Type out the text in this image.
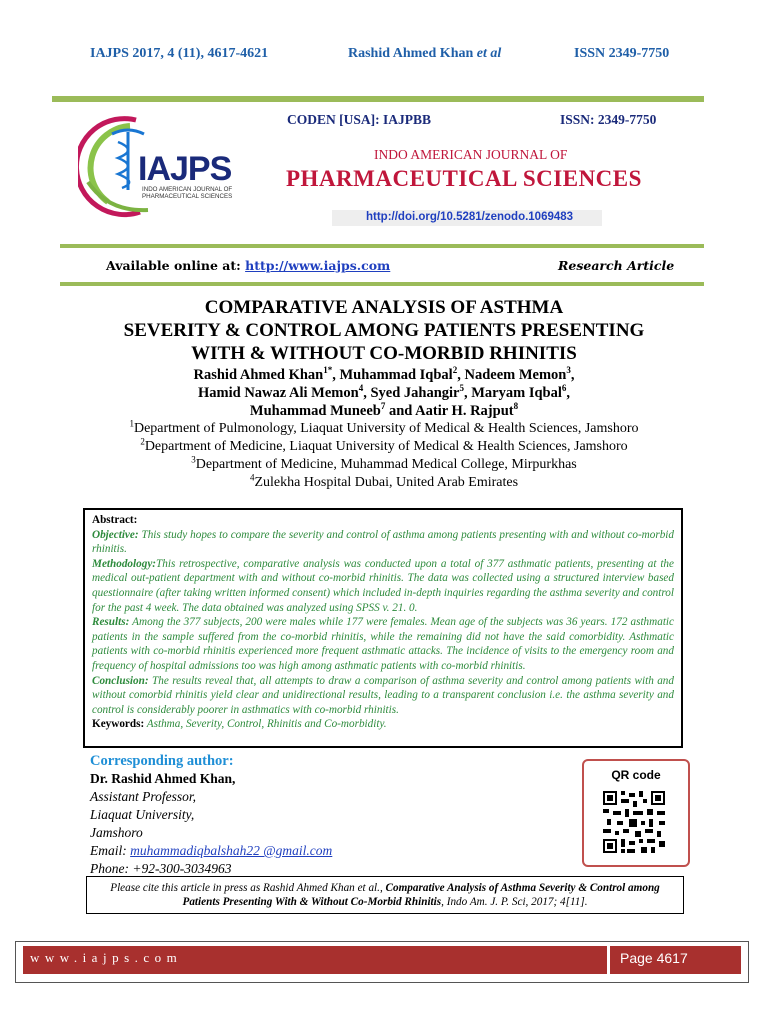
IAJPS 2017, 4 (11), 4617-4621	Rashid Ahmed Khan et al	ISSN 2349-7750
IAJPS
INDO AMERICAN JOURNAL OF
PHARMACEUTICAL SCIENCES
CODEN [USA]: IAJPBB	ISSN: 2349-7750
INDO AMERICAN JOURNAL OF
PHARMACEUTICAL SCIENCES
http://doi.org/10.5281/zenodo.1069483
Available online at: http://www.iajps.com	Research Article
COMPARATIVE ANALYSIS OF ASTHMA
SEVERITY & CONTROL AMONG PATIENTS PRESENTING
WITH & WITHOUT CO-MORBID RHINITIS
Rashid Ahmed Khan$^{1*}$, Muhammad Iqbal$^2$, Nadeem Memon$^3$,
Hamid Nawaz Ali Memon$^4$, Syed Jahangir$^5$, Maryam Iqbal$^6$,
Muhammad Muneeb$^7$ and Aatir H. Rajput$^8$
$^1$Department of Pulmonology, Liaquat University of Medical & Health Sciences, Jamshoro
$^2$Department of Medicine, Liaquat University of Medical & Health Sciences, Jamshoro
$^3$Department of Medicine, Muhammad Medical College, Mirpurkhas
$^4$Zulekha Hospital Dubai, United Arab Emirates
Abstract:
Objective: This study hopes to compare the severity and control of asthma among patients presenting with and without co-morbid rhinitis.
Methodology:This retrospective, comparative analysis was conducted upon a total of 377 asthmatic patients, presenting at the medical out-patient department with and without co-morbid rhinitis. The data was collected using a structured interview based questionnaire (after taking written informed consent) which included in-depth inquiries regarding the asthma severity and control for the past 4 week. The data obtained was analyzed using SPSS v. 21. 0.
Results: Among the 377 subjects, 200 were males while 177 were females. Mean age of the subjects was 36 years. 172 asthmatic patients in the sample suffered from the co-morbid rhinitis, while the remaining did not have the said comorbidity. Asthmatic patients with co-morbid rhinitis experienced more frequent asthmatic attacks. The incidence of visits to the emergency room and frequency of hospital admissions too was high among asthmatic patients with co-morbid rhinitis.
Conclusion: The results reveal that, all attempts to draw a comparison of asthma severity and control among patients with and without comorbid rhinitis yield clear and unidirectional results, leading to a transparent conclusion i.e. the asthma severity and control is considerably poorer in asthmatics with co-morbid rhinitis.
Keywords: Asthma, Severity, Control, Rhinitis and Co-morbidity.
Corresponding author:
Dr. Rashid Ahmed Khan,
Assistant Professor,
Liaquat University,
Jamshoro
Email: muhammadiqbalshah22 @gmail.com
Phone: +92-300-3034963
QR code
Please cite this article in press as Rashid Ahmed Khan et al., Comparative Analysis of Asthma Severity & Control among Patients Presenting With & Without Co-Morbid Rhinitis, Indo Am. J. P. Sci, 2017; 4[11].
www.iajps.com	Page 4617
